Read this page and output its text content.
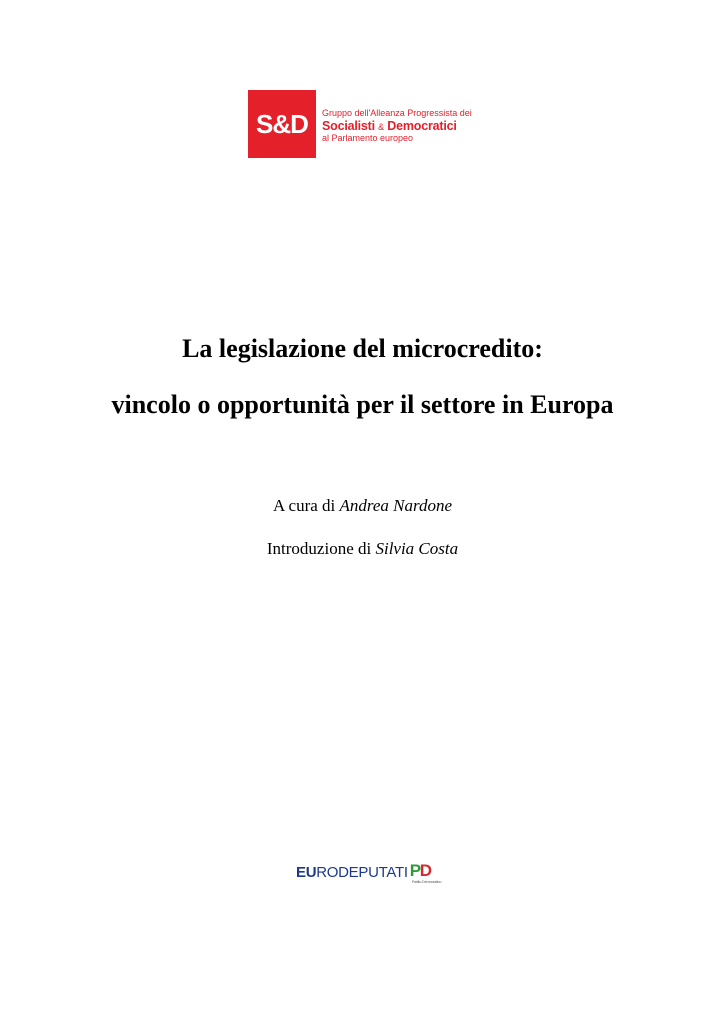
S&D	Gruppo dell'Alleanza Progressista dei
Socialisti & Democratici
al Parlamento europeo
La legislazione del microcredito:
vincolo o opportunità per il settore in Europa
A cura di Andrea Nardone
Introduzione di Silvia Costa
EU RODEPUTATI P
D
Partito Democratico
